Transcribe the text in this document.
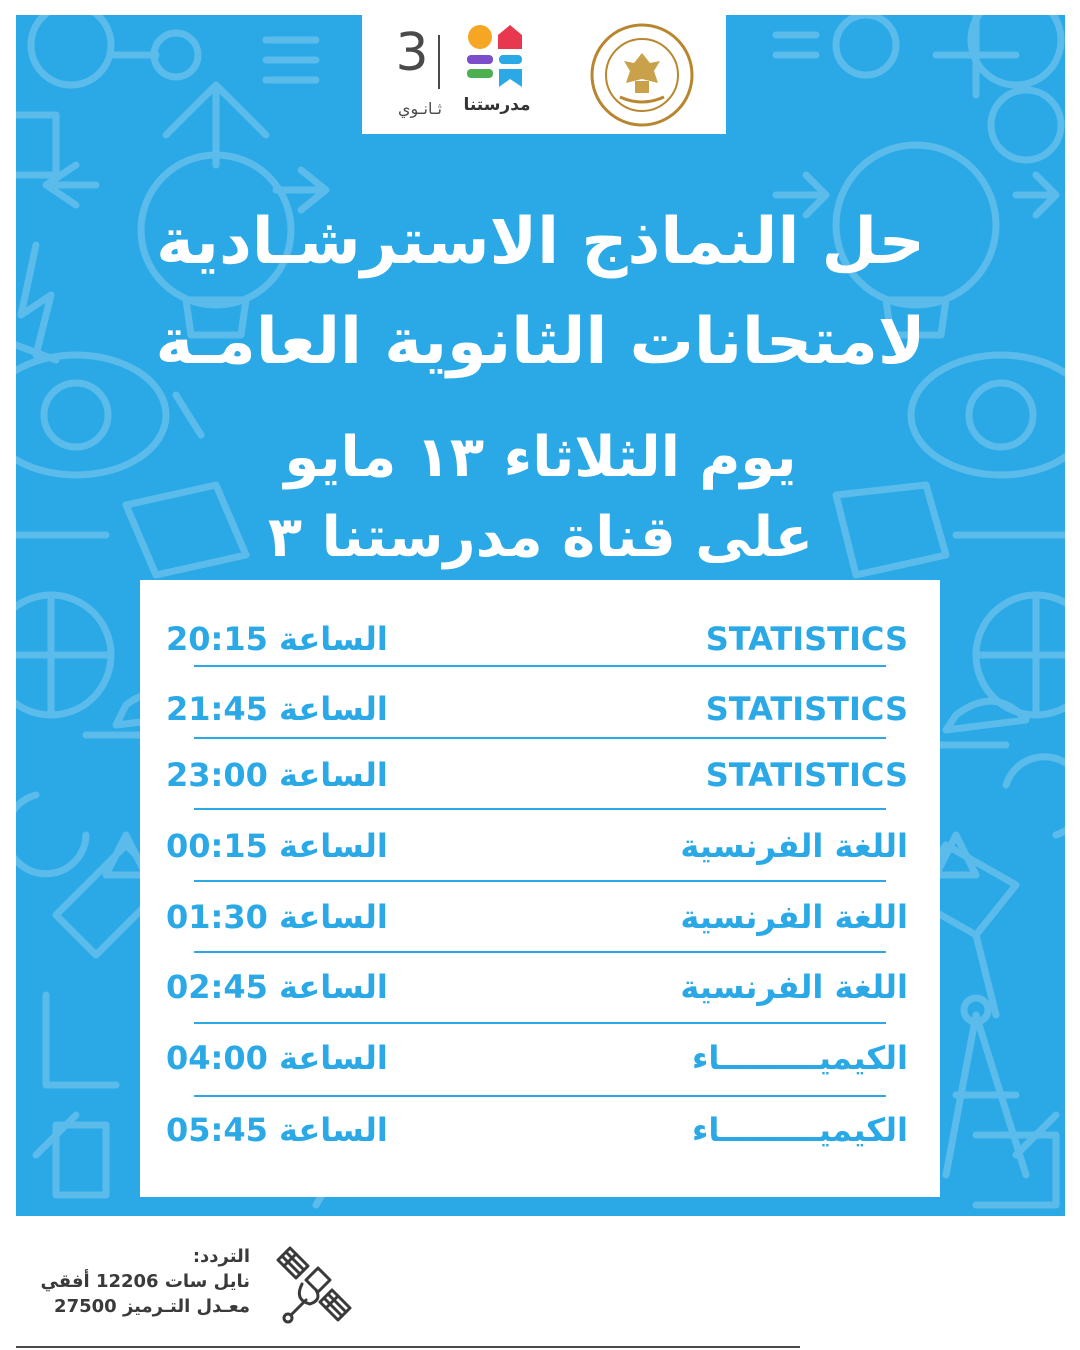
3
ثـانـوي	مدرستنا
حل النماذج الاسترشـادية
لامتحانات الثانوية العامـة
يوم الثلاثاء ١٣ مايو
على قناة مدرستنا ٣
STATISTICS
الساعة 20:15
STATISTICS
الساعة 21:45
STATISTICS
الساعة 23:00
اللغة الفرنسية
الساعة 00:15
اللغة الفرنسية
الساعة 01:30
اللغة الفرنسية
الساعة 02:45
الكيميـــــــــاء
الساعة 04:00
الكيميـــــــــاء
الساعة 05:45
التردد:
نايل سات 12206 أفقي
معـدل التـرميز 27500
